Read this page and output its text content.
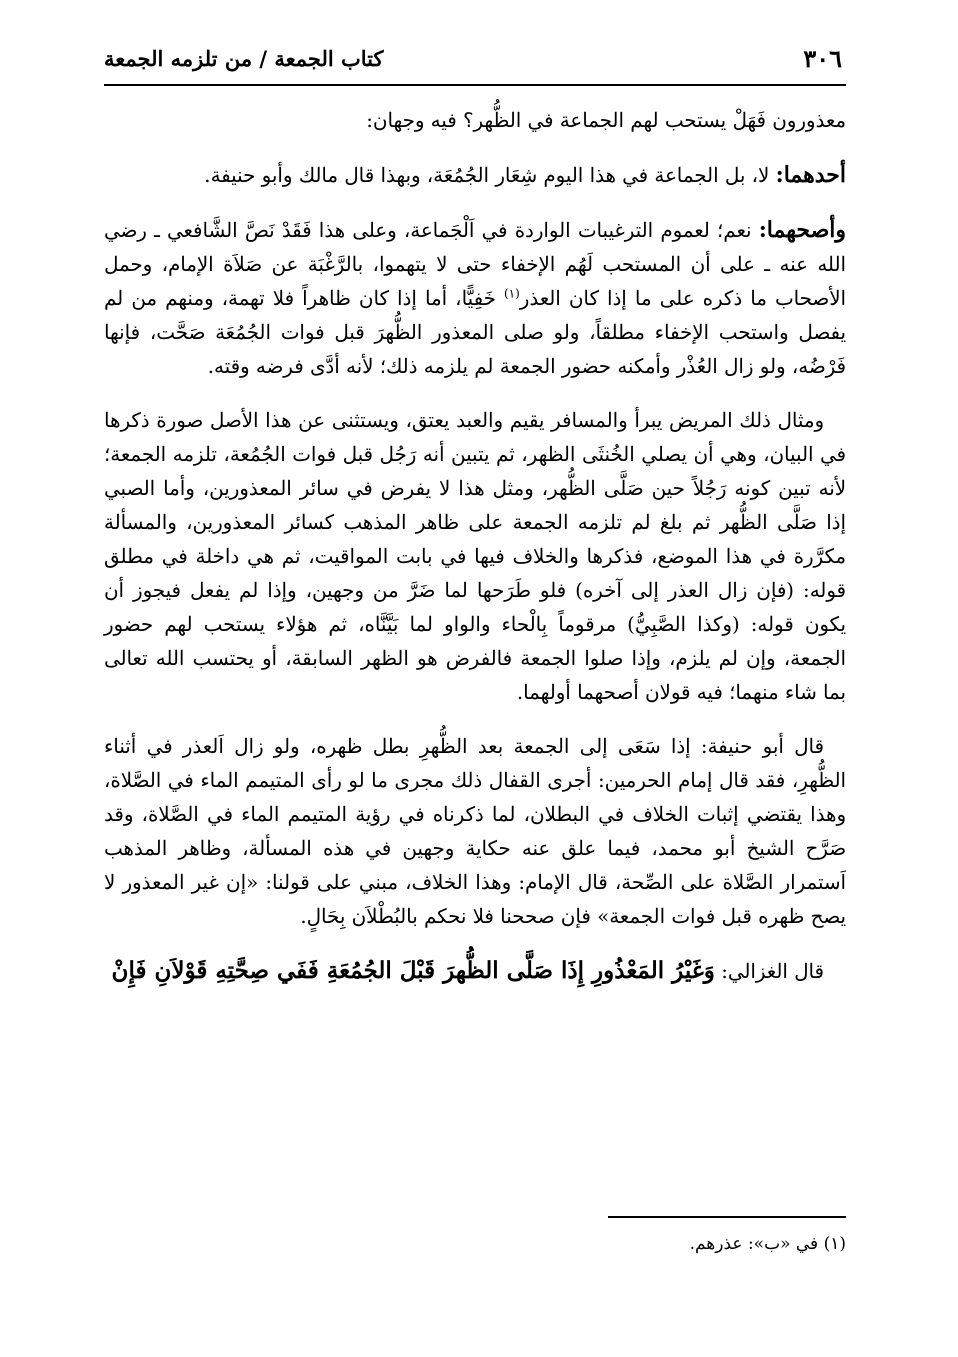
٣٠٦
كتاب الجمعة / من تلزمه الجمعة

معذورون فَهَلْ يستحب لهم الجماعة في الظُّهر؟ فيه وجهان:

أحدهما: لا، بل الجماعة في هذا اليوم شِعَار الجُمُعَة، وبهذا قال مالك وأبو حنيفة.

وأصحهما: نعم؛ لعموم الترغيبات الواردة في اَلْجَماعة، وعلى هذا فَقَدْ نَصَّ الشَّافعي ـ رضي الله عنه ـ على أن المستحب لَهُم الإخفاء حتى لا يتهموا، بالرَّغْبَة عن صَلاَة الإمام، وحمل الأصحاب ما ذكره على ما إذا كان العذر$^{(١)}$ خَفِيًّا، أما إذا كان ظاهراً فلا تهمة، ومنهم من لم يفصل واستحب الإخفاء مطلقاً، ولو صلى المعذور الظُّهرَ قبل فوات الجُمُعَة صَحَّت، فإنها فَرْضُه، ولو زال العُذْر وأمكنه حضور الجمعة لم يلزمه ذلك؛ لأنه أدَّى فرضه وقته.

ومثال ذلك المريض يبرأ والمسافر يقيم والعبد يعتق، ويستثنى عن هذا الأصل صورة ذكرها في البيان، وهي أن يصلي الخُنثَى الظهر، ثم يتبين أنه رَجُل قبل فوات الجُمُعة، تلزمه الجمعة؛ لأنه تبين كونه رَجُلاً حين صَلَّى الظُّهر، ومثل هذا لا يفرض في سائر المعذورين، وأما الصبي إذا صَلَّى الظُّهر ثم بلغ لم تلزمه الجمعة على ظاهر المذهب كسائر المعذورين، والمسألة مكرَّرة في هذا الموضع، فذكرها والخلاف فيها في بابت المواقيت، ثم هي داخلة في مطلق قوله: (فإن زال العذر إلى آخره) فلو طَرَحها لما ضَرَّ من وجهين، وإذا لم يفعل فيجوز أن يكون قوله: (وكذا الصَّبِيُّ) مرقوماً بِالْحاء والواو لما بَيَّنَّاه، ثم هؤلاء يستحب لهم حضور الجمعة، وإن لم يلزم، وإذا صلوا الجمعة فالفرض هو الظهر السابقة، أو يحتسب الله تعالى بما شاء منهما؛ فيه قولان أصحهما أولهما.

قال أبو حنيفة: إذا سَعَى إلى الجمعة بعد الظُّهرِ بطل ظهره، ولو زال اَلعذر في أثناء الظُّهرِ، فقد قال إمام الحرمين: أجرى القفال ذلك مجرى ما لو رأى المتيمم الماء في الصَّلاة، وهذا يقتضي إثبات الخلاف في البطلان، لما ذكرناه في رؤية المتيمم الماء في الصَّلاة، وقد صَرَّح الشيخ أبو محمد، فيما علق عنه حكاية وجهين في هذه المسألة، وظاهر المذهب اَستمرار الصَّلاة على الصِّحة، قال الإمام: وهذا الخلاف، مبني على قولنا: «إن غير المعذور لا يصح ظهره قبل فوات الجمعة» فإن صححنا فلا نحكم بالبُطْلاَن بِحَالٍ.

قال الغزالي: وَغَيْرُ المَعْذُورِ إِذَا صَلَّى الظُّهرَ قَبْلَ الجُمُعَةِ فَفَي صِحَّتِهِ قَوْلاَنِ فَإِنْ

(١) في «ب»: عذرهم.
